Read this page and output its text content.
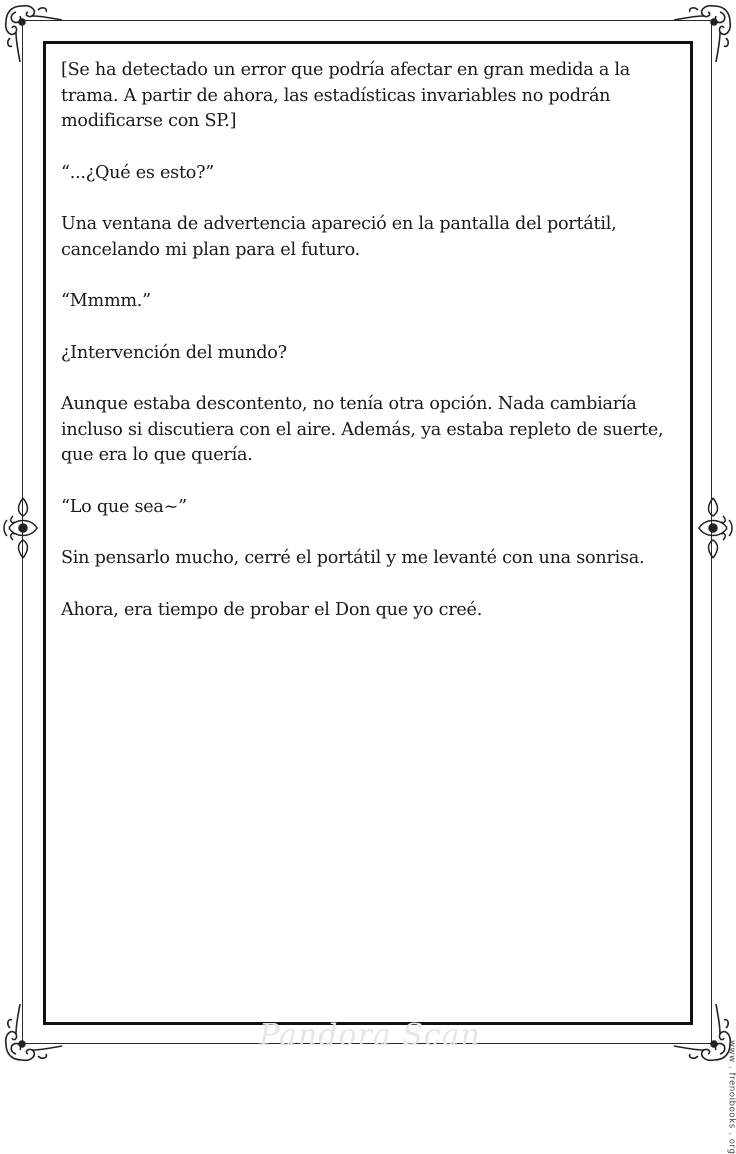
[Se ha detectado un error que podría afectar en gran medida a la trama. A partir de ahora, las estadísticas invariables no podrán modificarse con SP.]

“...¿Qué es esto?”

Una ventana de advertencia apareció en la pantalla del portátil, cancelando mi plan para el futuro.

“Mmmm.”

¿Intervención del mundo?

Aunque estaba descontento, no tenía otra opción. Nada cambiaría incluso si discutiera con el aire. Además, ya estaba repleto de suerte, que era lo que quería.

“Lo que sea~”

Sin pensarlo mucho, cerré el portátil y me levanté con una sonrisa.

Ahora, era tiempo de probar el Don que yo creé.

Pandora Scan
www . frenoibooks . org
